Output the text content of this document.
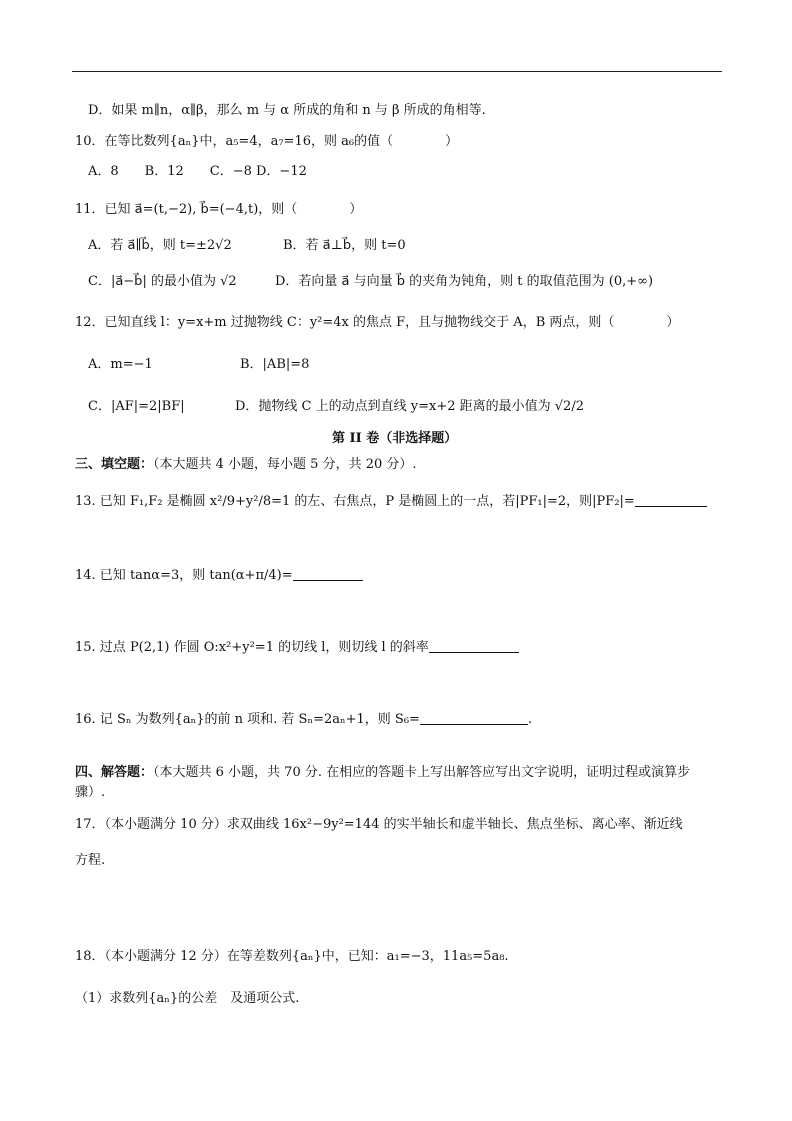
D．如果 m∥n，α∥β，那么 m 与 α 所成的角和 n 与 β 所成的角相等.
10．在等比数列{aₙ}中，a₅=4，a₇=16，则 a₆的值（　　　　）
A．8　　B．12　　C．−8 D．−12
11．已知 a⃗=(t,−2), b⃗=(−4,t)，则（　　　　）
A．若 a⃗∥b⃗，则 t=±2√2	B．若 a⃗⊥b⃗，则 t=0
C．|a⃗−b⃗| 的最小值为 √2	D．若向量 a⃗ 与向量 b⃗ 的夹角为钝角，则 t 的取值范围为 (0,+∞)
12．已知直线 l：y=x+m 过抛物线 C：y²=4x 的焦点 F，且与抛物线交于 A，B 两点，则（　　　　）
A．m=−1	B．|AB|=8
C．|AF|=2|BF|	D．抛物线 C 上的动点到直线 y=x+2 距离的最小值为 √2/2
第 II 卷（非选择题）
三、填空题：（本大题共 4 小题，每小题 5 分，共 20 分）.
13. 已知 F₁,F₂ 是椭圆 x²/9+y²/8=1 的左、右焦点，P 是椭圆上的一点，若|PF₁|=2，则|PF₂|=
14. 已知 tanα=3，则 tan(α+π/4)=
15. 过点 P(2,1) 作圆 O:x²+y²=1 的切线 l，则切线 l 的斜率
16. 记 Sₙ 为数列{aₙ}的前 n 项和. 若 Sₙ=2aₙ+1，则 S₆=	.
四、解答题：（本大题共 6 小题，共 70 分. 在相应的答题卡上写出解答应写出文字说明，证明过程或演算步
骤）.
17．（本小题满分 10 分）求双曲线 16x²−9y²=144 的实半轴长和虚半轴长、焦点坐标、离心率、渐近线
方程.
18．（本小题满分 12 分）在等差数列{aₙ}中，已知：a₁=−3，11a₅=5a₈.
（1）求数列{aₙ}的公差　及通项公式.
